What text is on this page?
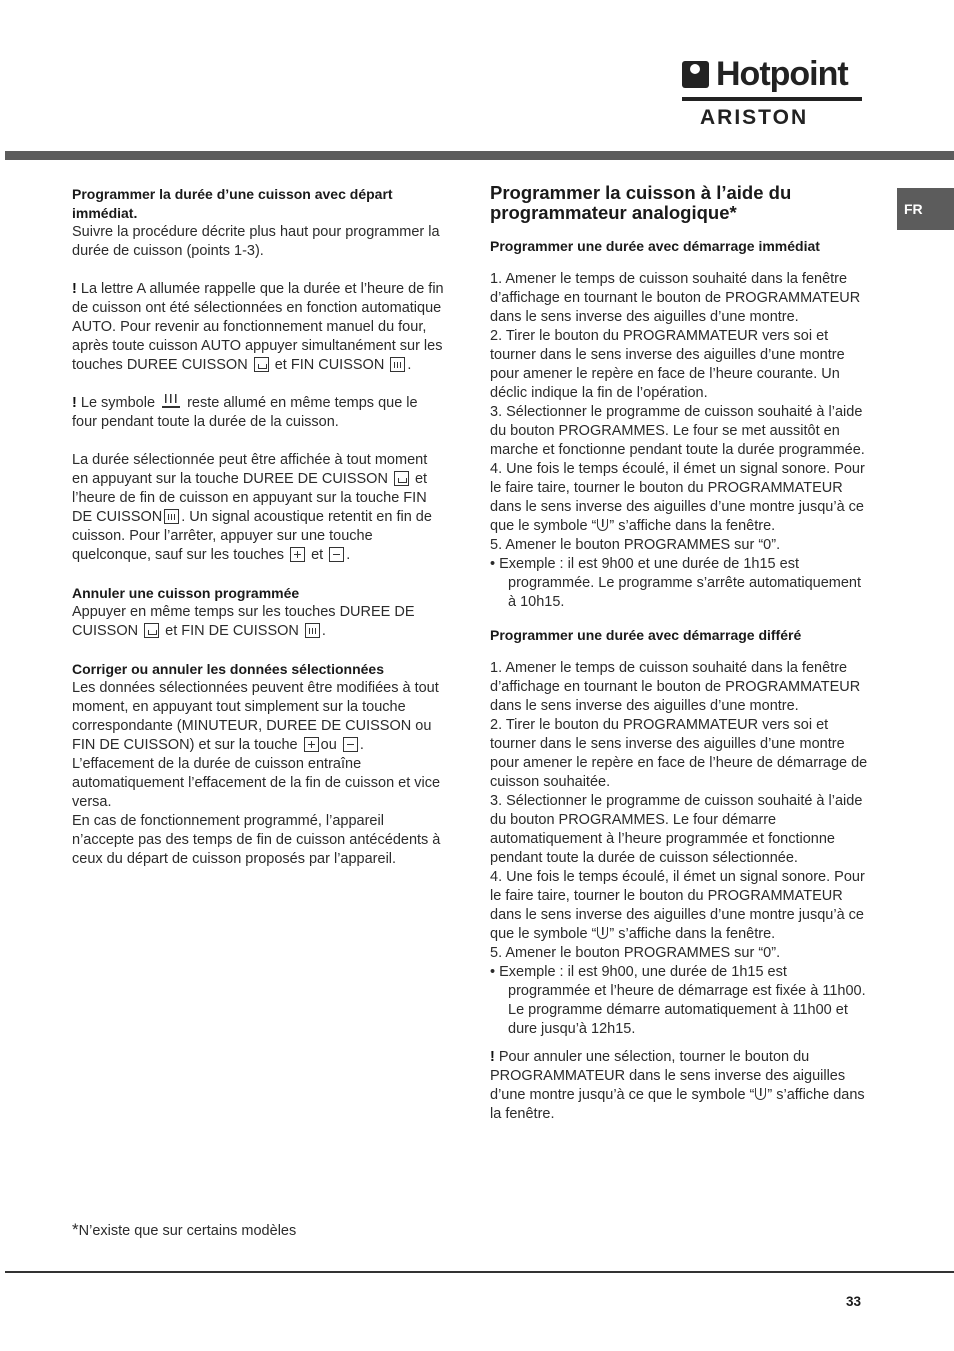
Hotpoint
ARISTON
FR

Programmer la durée d’une cuisson avec départ immédiat.

Suivre la procédure décrite plus haut pour programmer la durée de cuisson (points 1-3).

! La lettre A allumée rappelle que la durée et l’heure de fin de cuisson ont été sélectionnées en fonction automatique AUTO. Pour revenir au fonctionnement manuel du four, après toute cuisson AUTO appuyer simultanément sur les touches DUREE CUISSON et FIN CUISSON .

! Le symbole reste allumé en même temps que le four pendant toute la durée de la cuisson.

La durée sélectionnée peut être affichée à tout moment en appuyant sur la touche DUREE DE CUISSON et l’heure de fin de cuisson en appuyant sur la touche FIN DE CUISSON . Un signal acoustique retentit en fin de cuisson. Pour l’arrêter, appuyer sur une touche quelconque, sauf sur les touches et .

Annuler une cuisson programmée

Appuyer en même temps sur les touches DUREE DE CUISSON et FIN DE CUISSON .

Corriger ou annuler les données sélectionnées

Les données sélectionnées peuvent être modifiées à tout moment, en appuyant tout simplement sur la touche correspondante (MINUTEUR, DUREE DE CUISSON ou FIN DE CUISSON) et sur la touche ou .

L’effacement de la durée de cuisson entraîne automatiquement l’effacement de la fin de cuisson et vice versa.

En cas de fonctionnement programmé, l’appareil n’accepte pas des temps de fin de cuisson antécédents à ceux du départ de cuisson proposés par l’appareil.

Programmer la cuisson à l’aide du programmateur analogique*

Programmer une durée avec démarrage immédiat

1. Amener le temps de cuisson souhaité dans la fenêtre d’affichage en tournant le bouton de PROGRAMMATEUR dans le sens inverse des aiguilles d’une montre.

2. Tirer le bouton du PROGRAMMATEUR vers soi et tourner dans le sens inverse des aiguilles d’une montre pour amener le repère en face de l’heure courante. Un déclic indique la fin de l’opération.

3. Sélectionner le programme de cuisson souhaité à l’aide du bouton PROGRAMMES. Le four se met aussitôt en marche et fonctionne pendant toute la durée programmée.

4. Une fois le temps écoulé, il émet un signal sonore. Pour le faire taire, tourner le bouton du PROGRAMMATEUR dans le sens inverse des aiguilles d’une montre jusqu’à ce que le symbole “ ” s’affiche dans la fenêtre.

5. Amener le bouton PROGRAMMES sur “0”.

• Exemple : il est 9h00 et une durée de 1h15 est programmée. Le programme s’arrête automatiquement à 10h15.

Programmer une durée avec démarrage différé

1. Amener le temps de cuisson souhaité dans la fenêtre d’affichage en tournant le bouton de PROGRAMMATEUR dans le sens inverse des aiguilles d’une montre.

2. Tirer le bouton du PROGRAMMATEUR vers soi et tourner dans le sens inverse des aiguilles d’une montre pour amener le repère en face de l’heure de démarrage de cuisson souhaitée.

3. Sélectionner le programme de cuisson souhaité à l’aide du bouton PROGRAMMES. Le four démarre automatiquement à l’heure programmée et fonctionne pendant toute la durée de cuisson sélectionnée.

4. Une fois le temps écoulé, il émet un signal sonore. Pour le faire taire, tourner le bouton du PROGRAMMATEUR dans le sens inverse des aiguilles d’une montre jusqu’à ce que le symbole “ ” s’affiche dans la fenêtre.

5. Amener le bouton PROGRAMMES sur “0”.

• Exemple : il est 9h00, une durée de 1h15 est programmée et l’heure de démarrage est fixée à 11h00. Le programme démarre automatiquement à 11h00 et dure jusqu’à 12h15.

! Pour annuler une sélection, tourner le bouton du PROGRAMMATEUR dans le sens inverse des aiguilles d’une montre jusqu’à ce que le symbole “ ” s’affiche dans la fenêtre.

*N’existe que sur certains modèles
33
